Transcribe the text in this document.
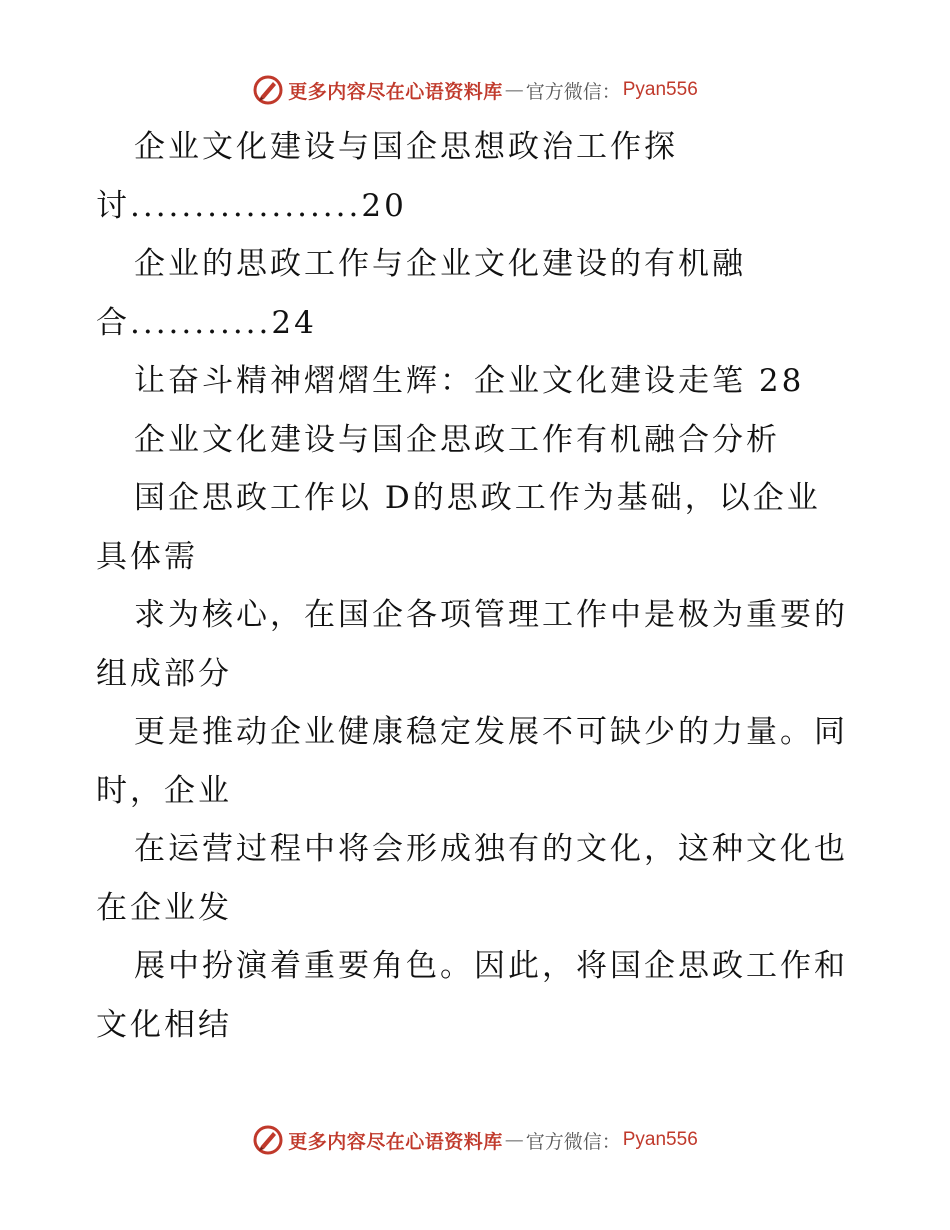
更多内容尽在心语资料库 — 官方微信： Pyan556
企业文化建设与国企思想政治工作探
讨..................20
企业的思政工作与企业文化建设的有机融
合...........24
让奋斗精神熠熠生辉：企业文化建设走笔 28
企业文化建设与国企思政工作有机融合分析
国企思政工作以 D的思政工作为基础，以企业
具体需
求为核心，在国企各项管理工作中是极为重要的
组成部分
更是推动企业健康稳定发展不可缺少的力量。同
时，企业
在运营过程中将会形成独有的文化，这种文化也
在企业发
展中扮演着重要角色。因此，将国企思政工作和
文化相结
更多内容尽在心语资料库 — 官方微信： Pyan556
